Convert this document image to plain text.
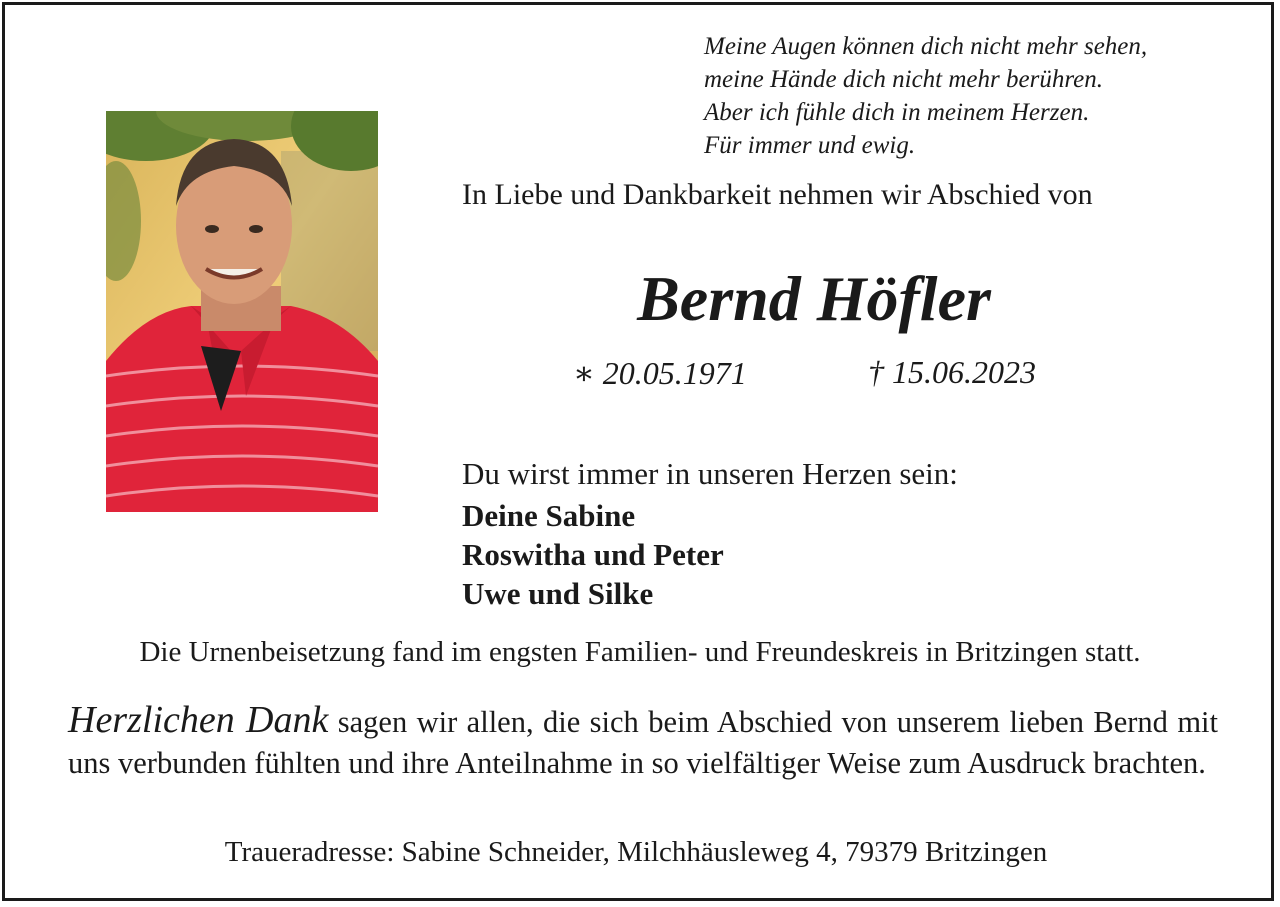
Meine Augen können dich nicht mehr sehen,
meine Hände dich nicht mehr berühren.
Aber ich fühle dich in meinem Herzen.
Für immer und ewig.
In Liebe und Dankbarkeit nehmen wir Abschied von
Bernd Höfler
∗ 20.05.1971	† 15.06.2023
Du wirst immer in unseren Herzen sein:
Deine Sabine
Roswitha und Peter
Uwe und Silke
Die Urnenbeisetzung fand im engsten Familien- und Freundeskreis in Britzingen statt.
Herzlichen Dank sagen wir allen, die sich beim Abschied von unserem lieben Bernd mit uns verbunden fühlten und ihre Anteilnahme in so vielfältiger Weise zum Ausdruck brachten.
Traueradresse: Sabine Schneider, Milchhäusleweg 4, 79379 Britzingen
